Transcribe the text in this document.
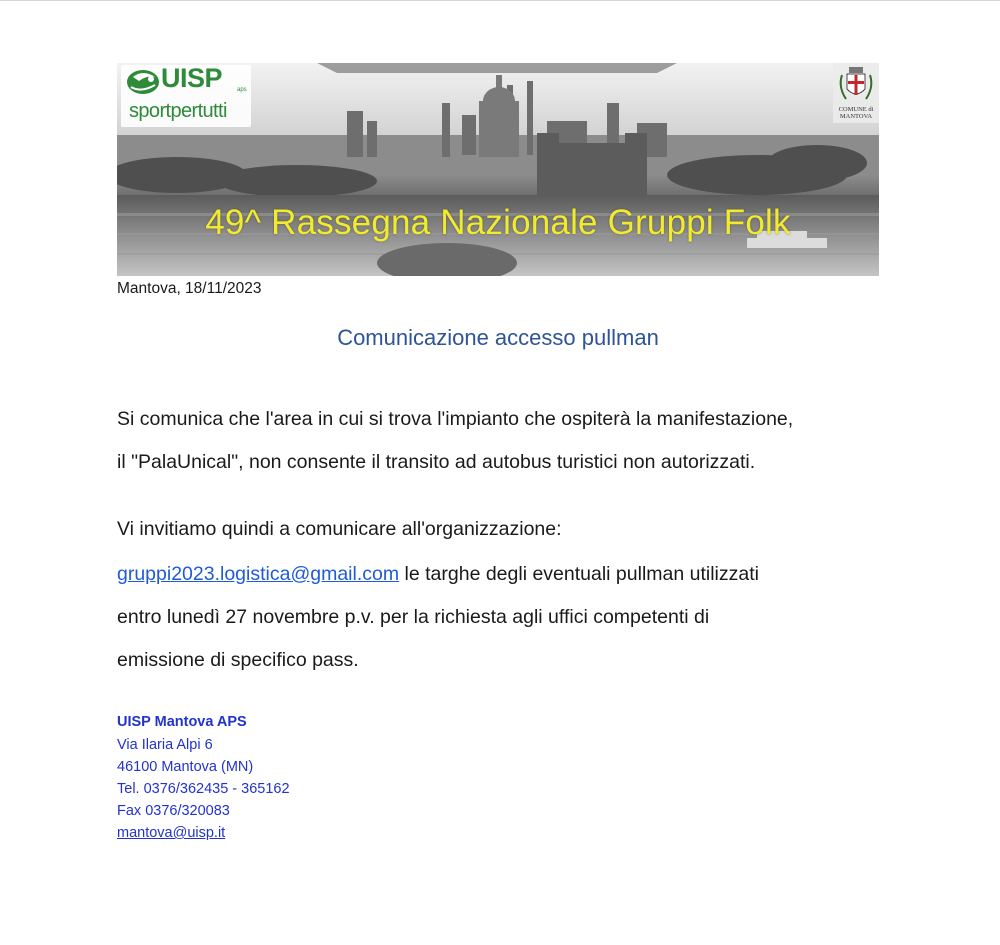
UISP aps
sportpertutti	COMUNE di
MANTOVA
49^ Rassegna Nazionale Gruppi Folk
Mantova, 18/11/2023
Comunicazione accesso pullman
Si comunica che l'area in cui si trova l'impianto che ospiterà la manifestazione,
il "PalaUnical", non consente il transito ad autobus turistici non autorizzati.
Vi invitiamo quindi a comunicare all'organizzazione:
gruppi2023.logistica@gmail.com le targhe degli eventuali pullman utilizzati
entro lunedì 27 novembre p.v. per la richiesta agli uffici competenti di
emissione di specifico pass.
UISP Mantova APS
Via Ilaria Alpi 6
46100 Mantova (MN)
Tel. 0376/362435 - 365162
Fax 0376/320083
mantova@uisp.it
